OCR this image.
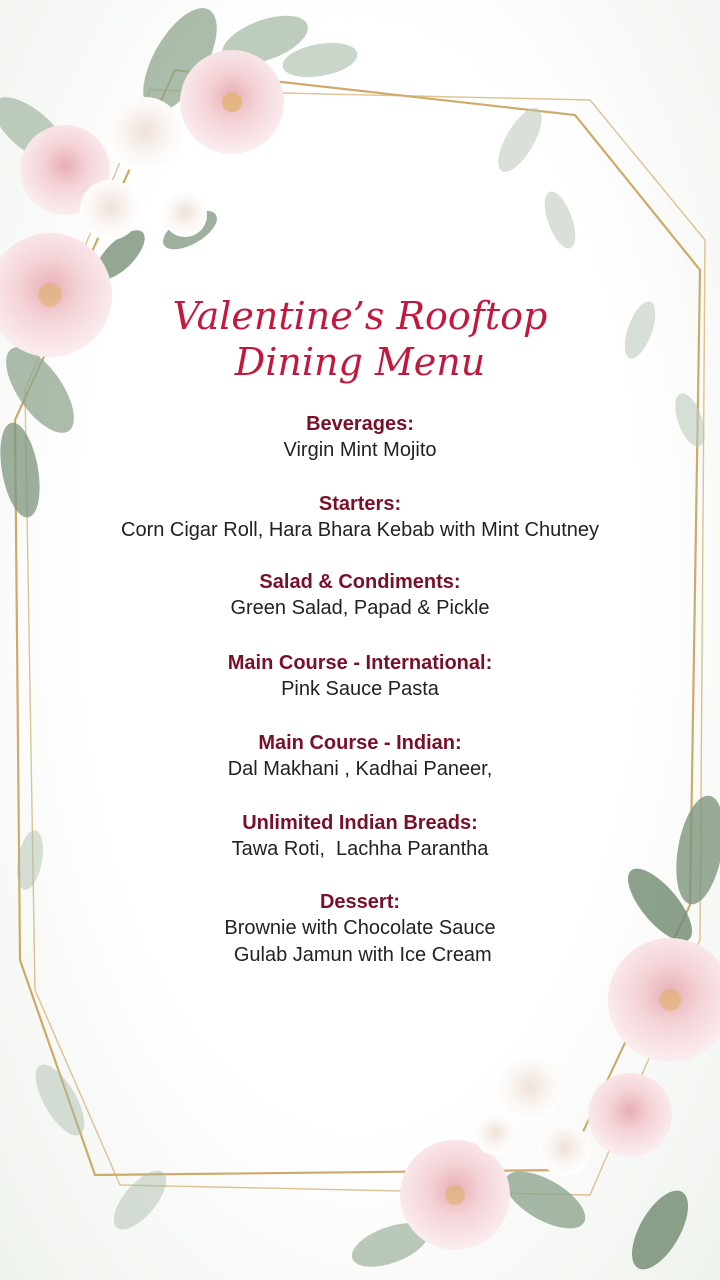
Valentine’s Rooftop
Dining Menu
Beverages:
Virgin Mint Mojito
Starters:
Corn Cigar Roll, Hara Bhara Kebab with Mint Chutney
Salad & Condiments:
Green Salad, Papad & Pickle
Main Course - International:
Pink Sauce Pasta
Main Course - Indian:
Dal Makhani , Kadhai Paneer,
Unlimited Indian Breads:
Tawa Roti,  Lachha Parantha
Dessert:
Brownie with Chocolate Sauce
Gulab Jamun with Ice Cream
